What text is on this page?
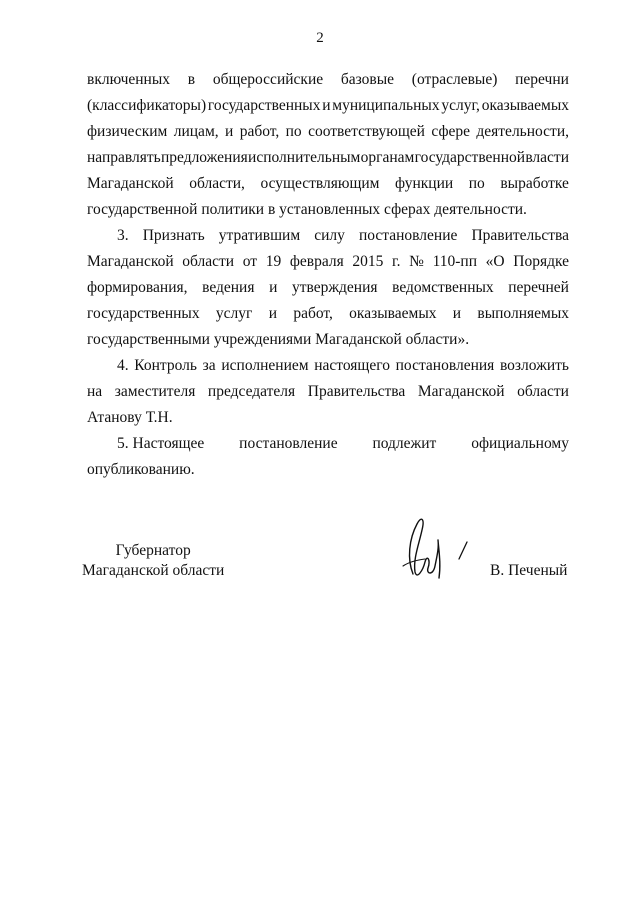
2
включенных в общероссийские базовые (отраслевые) перечни
(классификаторы) государственных и муниципальных услуг, оказываемых
физическим лицам, и работ, по соответствующей сфере деятельности,
направлять предложения исполнительным органам государственной власти
Магаданской области, осуществляющим функции по выработке
государственной политики в установленных сферах деятельности.
3. Признать утратившим силу постановление Правительства
Магаданской области от 19 февраля 2015 г. № 110-пп «О Порядке
формирования, ведения и утверждения ведомственных перечней
государственных услуг и работ, оказываемых и выполняемых
государственными учреждениями Магаданской области».
4. Контроль за исполнением настоящего постановления возложить
на заместителя председателя Правительства Магаданской области
Атанову Т.Н.
5. Настоящее постановление подлежит официальному
опубликованию.
Губернатор
Магаданской области	В. Печеный
